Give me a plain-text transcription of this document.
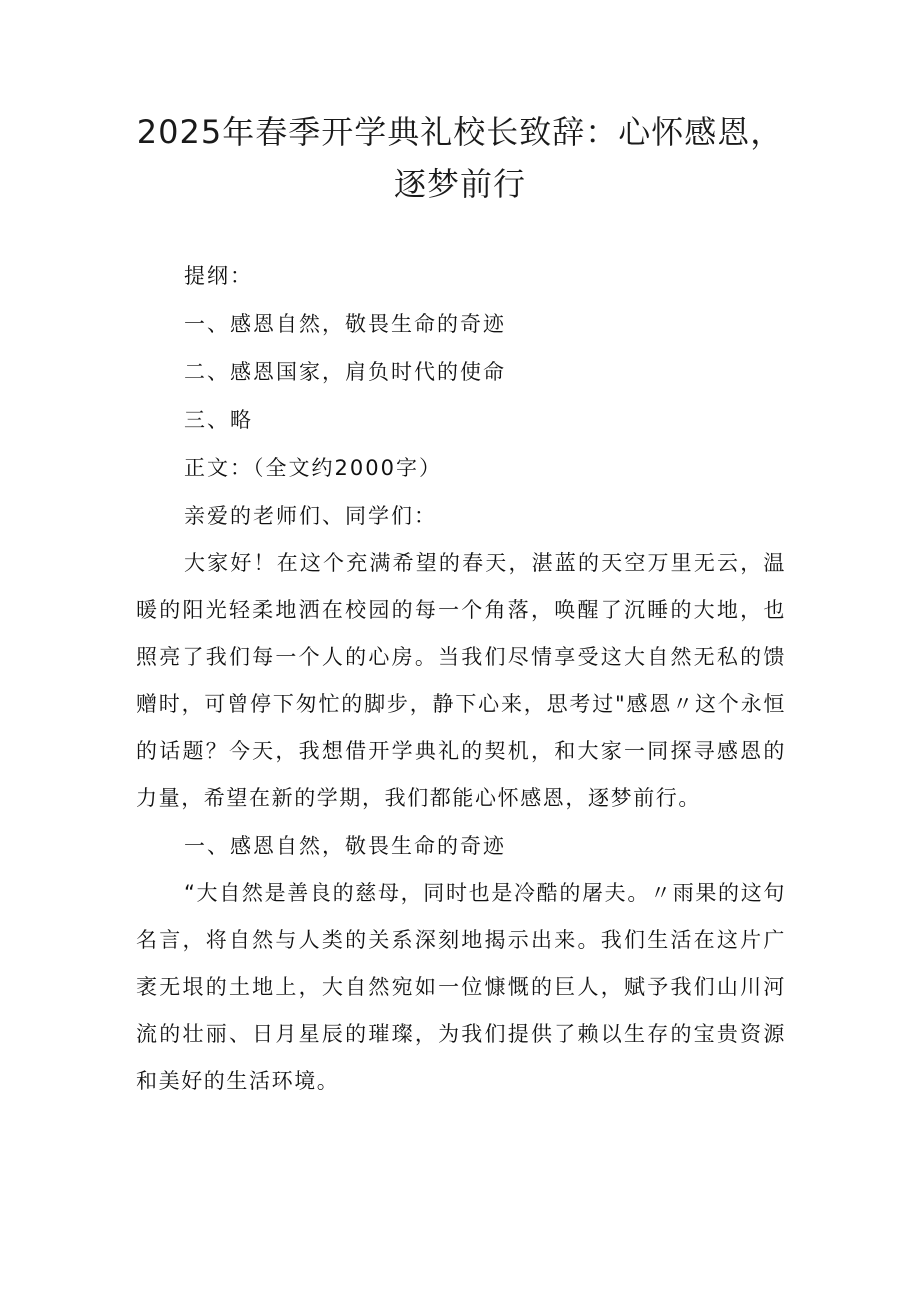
2025年春季开学典礼校长致辞：心怀感恩，逐梦前行

提纲：

一、感恩自然，敬畏生命的奇迹

二、感恩国家，肩负时代的使命

三、略

正文：（全文约2000字）

亲爱的老师们、同学们：

大家好！在这个充满希望的春天，湛蓝的天空万里无云，温暖的阳光轻柔地洒在校园的每一个角落，唤醒了沉睡的大地，也照亮了我们每一个人的心房。当我们尽情享受这大自然无私的馈赠时，可曾停下匆忙的脚步，静下心来，思考过"感恩〃这个永恒的话题？今天，我想借开学典礼的契机，和大家一同探寻感恩的力量，希望在新的学期，我们都能心怀感恩，逐梦前行。

一、感恩自然，敬畏生命的奇迹

“大自然是善良的慈母，同时也是冷酷的屠夫。〃雨果的这句名言，将自然与人类的关系深刻地揭示出来。我们生活在这片广袤无垠的土地上，大自然宛如一位慷慨的巨人，赋予我们山川河流的壮丽、日月星辰的璀璨，为我们提供了赖以生存的宝贵资源和美好的生活环境。
